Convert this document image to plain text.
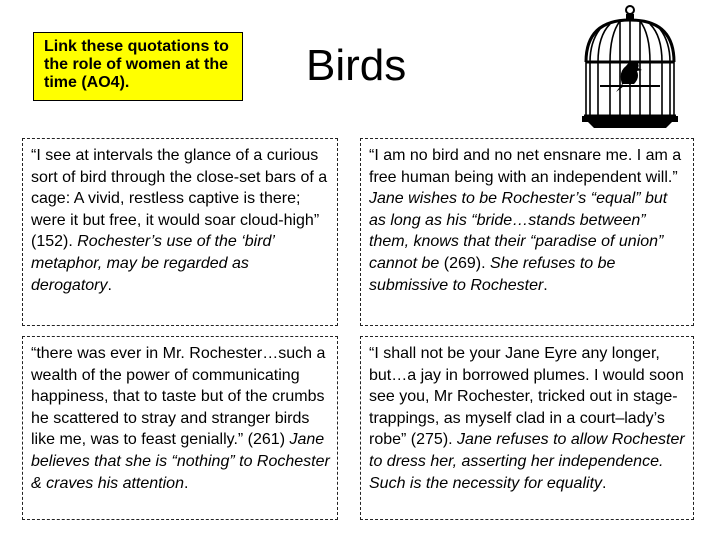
Link these quotations to the role of women at the time (AO4).	Birds
“I see at intervals the glance of a curious sort of bird through the close-set bars of a cage: A vivid, restless captive is there; were it but free, it would soar cloud-high” (152). Rochester’s use of the ‘bird’ metaphor, may be regarded as derogatory.
“I am no bird and no net ensnare me. I am a free human being with an independent will.” Jane wishes to be Rochester’s “equal” but as long as his “bride…stands between” them, knows that their “paradise of union” cannot be (269). She refuses to be submissive to Rochester.
“there was ever in Mr. Rochester…such a wealth of the power of communicating happiness, that to taste but of the crumbs he scattered to stray and stranger birds like me, was to feast genially.” (261) Jane believes that she is “nothing” to Rochester & craves his attention.
“I shall not be your Jane Eyre any longer, but…a jay in borrowed plumes. I would soon see you, Mr Rochester, tricked out in stage-trappings, as myself clad in a court–lady’s robe” (275). Jane refuses to allow Rochester to dress her, asserting her independence. Such is the necessity for equality.
